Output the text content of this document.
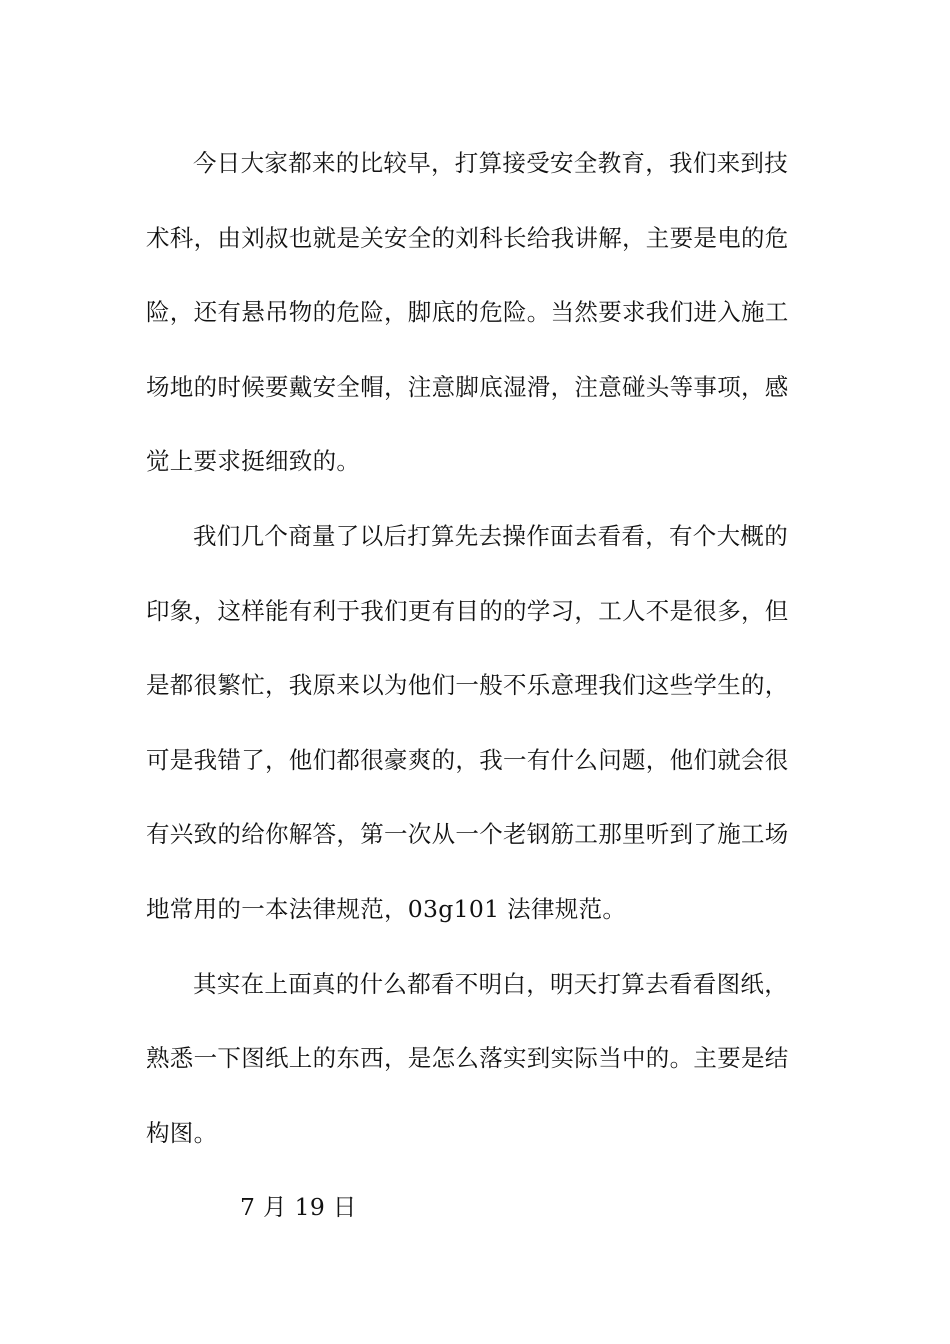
今日大家都来的比较早，打算接受安全教育，我们来到技
术科，由刘叔也就是关安全的刘科长给我讲解，主要是电的危
险，还有悬吊物的危险，脚底的危险。当然要求我们进入施工
场地的时候要戴安全帽，注意脚底湿滑，注意碰头等事项，感
觉上要求挺细致的。
我们几个商量了以后打算先去操作面去看看，有个大概的
印象，这样能有利于我们更有目的的学习，工人不是很多，但
是都很繁忙，我原来以为他们一般不乐意理我们这些学生的，
可是我错了，他们都很豪爽的，我一有什么问题，他们就会很
有兴致的给你解答，第一次从一个老钢筋工那里听到了施工场
地常用的一本法律规范，03g101 法律规范。
其实在上面真的什么都看不明白，明天打算去看看图纸，
熟悉一下图纸上的东西，是怎么落实到实际当中的。主要是结
构图。
7 月 19 日
